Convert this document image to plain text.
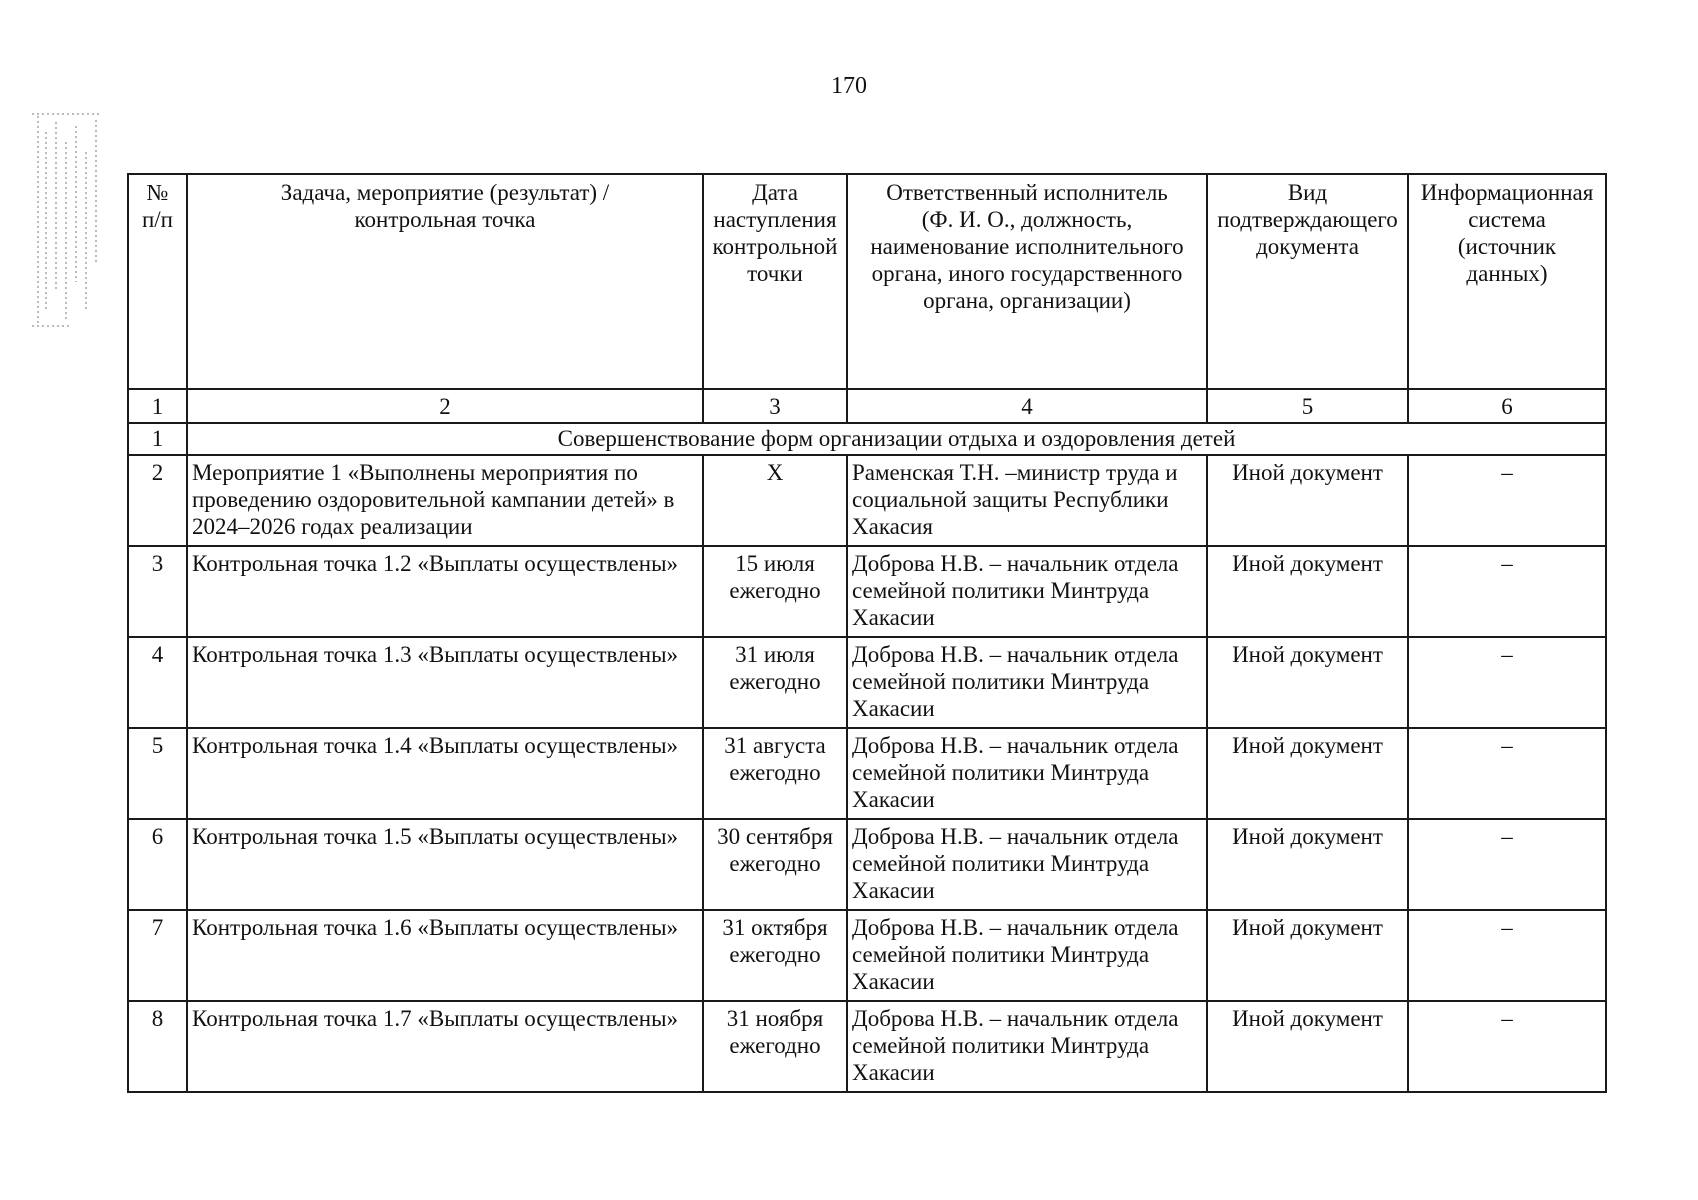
170
№
п/п	Задача, мероприятие (результат) /
контрольная точка	Дата
наступления
контрольной
точки	Ответственный исполнитель
(Ф. И. О., должность,
наименование исполнительного
органа, иного государственного
органа, организации)	Вид
подтверждающего
документа	Информационная
система
(источник
данных)
1	2	3	4	5	6
1	Совершенствование форм организации отдыха и оздоровления детей				
2	Мероприятие 1 «Выполнены мероприятия по проведению оздоровительной кампании детей» в 2024–2026 годах реализации	Х	Раменская Т.Н. –министр труда и социальной защиты Республики Хакасия	Иной документ	–
3	Контрольная точка 1.2 «Выплаты осуществлены»	15 июля ежегодно	Доброва Н.В. – начальник отдела семейной политики Минтруда Хакасии	Иной документ	–
4	Контрольная точка 1.3 «Выплаты осуществлены»	31 июля ежегодно	Доброва Н.В. – начальник отдела семейной политики Минтруда Хакасии	Иной документ	–
5	Контрольная точка 1.4 «Выплаты осуществлены»	31 августа ежегодно	Доброва Н.В. – начальник отдела семейной политики Минтруда Хакасии	Иной документ	–
6	Контрольная точка 1.5 «Выплаты осуществлены»	30 сентября ежегодно	Доброва Н.В. – начальник отдела семейной политики Минтруда Хакасии	Иной документ	–
7	Контрольная точка 1.6 «Выплаты осуществлены»	31 октября ежегодно	Доброва Н.В. – начальник отдела семейной политики Минтруда Хакасии	Иной документ	–
8	Контрольная точка 1.7 «Выплаты осуществлены»	31 ноября ежегодно	Доброва Н.В. – начальник отдела семейной политики Минтруда Хакасии	Иной документ	–
